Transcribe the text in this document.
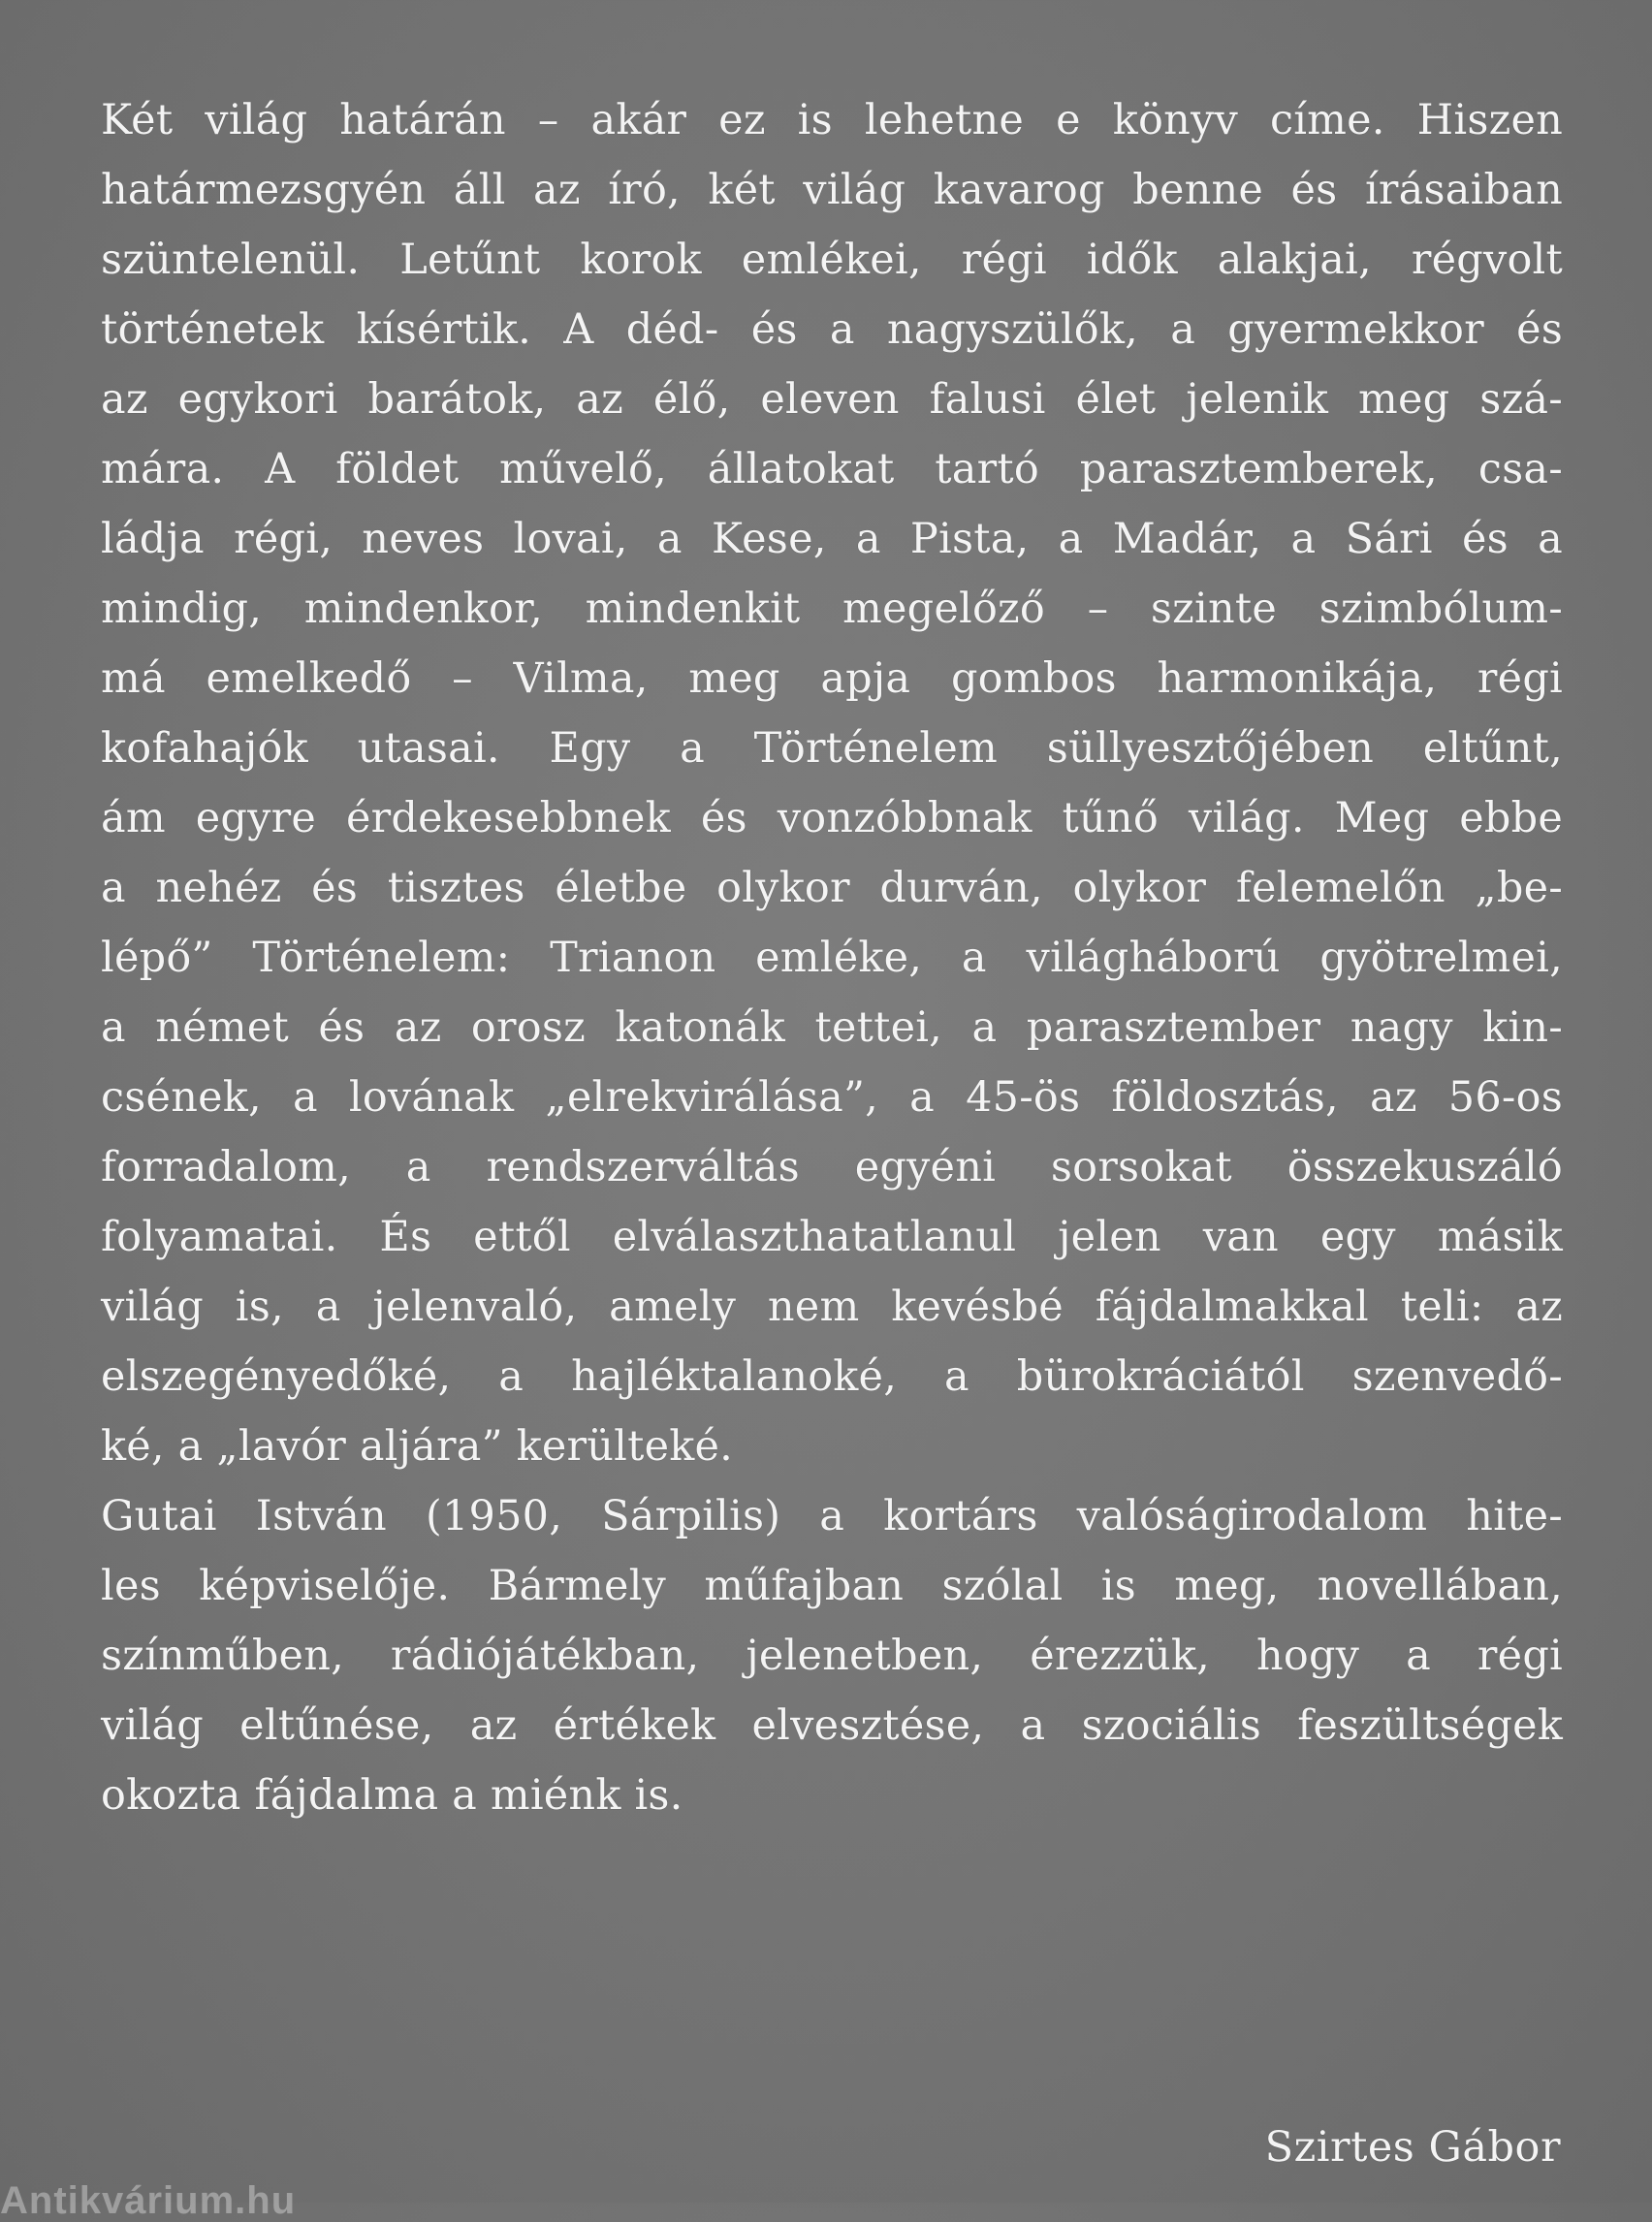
Két világ határán – akár ez is lehetne e könyv címe. Hiszen
határmezsgyén áll az író, két világ kavarog benne és írásaiban
szüntelenül. Letűnt korok emlékei, régi idők alakjai, régvolt
történetek kísértik. A déd- és a nagyszülők, a gyermekkor és
az egykori barátok, az élő, eleven falusi élet jelenik meg szá-
mára. A földet művelő, állatokat tartó parasztemberek, csa-
ládja régi, neves lovai, a Kese, a Pista, a Madár, a Sári és a
mindig, mindenkor, mindenkit megelőző – szinte szimbólum-
má emelkedő – Vilma, meg apja gombos harmonikája, régi
kofahajók utasai. Egy a Történelem süllyesztőjében eltűnt,
ám egyre érdekesebbnek és vonzóbbnak tűnő világ. Meg ebbe
a nehéz és tisztes életbe olykor durván, olykor felemelőn „be-
lépő” Történelem: Trianon emléke, a világháború gyötrelmei,
a német és az orosz katonák tettei, a parasztember nagy kin-
csének, a lovának „elrekvirálása”, a 45-ös földosztás, az 56-os
forradalom, a rendszerváltás egyéni sorsokat összekuszáló
folyamatai. És ettől elválaszthatatlanul jelen van egy másik
világ is, a jelenvaló, amely nem kevésbé fájdalmakkal teli: az
elszegényedőké, a hajléktalanoké, a bürokráciától szenvedő-
ké, a „lavór aljára” kerülteké.
Gutai István (1950, Sárpilis) a kortárs valóságirodalom hite-
les képviselője. Bármely műfajban szólal is meg, novellában,
színműben, rádiójátékban, jelenetben, érezzük, hogy a régi
világ eltűnése, az értékek elvesztése, a szociális feszültségek
okozta fájdalma a miénk is.
Szirtes Gábor
Antikvárium.hu
